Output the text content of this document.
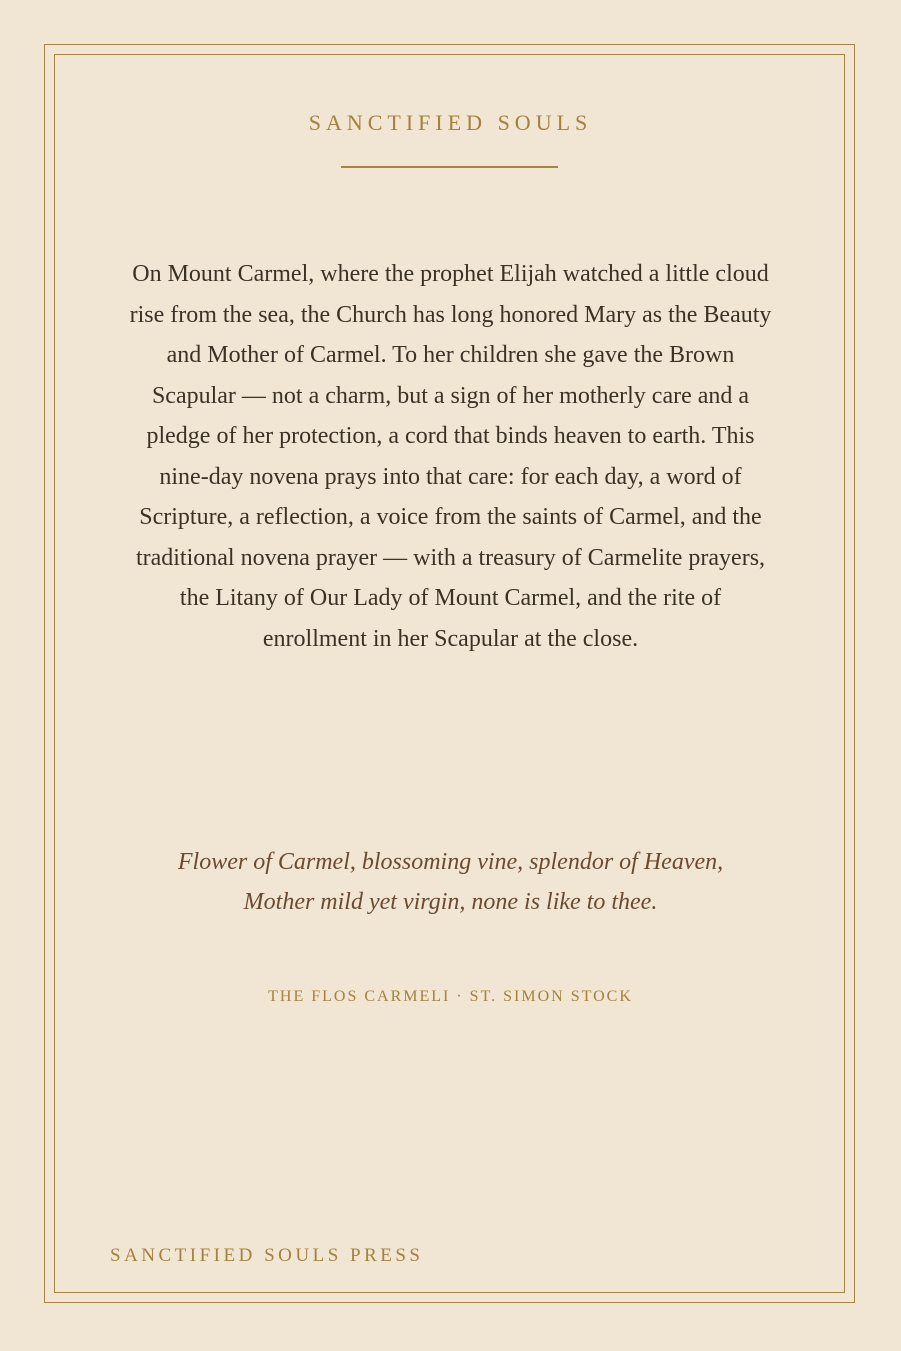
SANCTIFIED SOULS
On Mount Carmel, where the prophet Elijah watched a little cloud rise from the sea, the Church has long honored Mary as the Beauty and Mother of Carmel. To her children she gave the Brown Scapular — not a charm, but a sign of her motherly care and a pledge of her protection, a cord that binds heaven to earth. This nine-day novena prays into that care: for each day, a word of Scripture, a reflection, a voice from the saints of Carmel, and the traditional novena prayer — with a treasury of Carmelite prayers, the Litany of Our Lady of Mount Carmel, and the rite of enrollment in her Scapular at the close.
Flower of Carmel, blossoming vine, splendor of Heaven,
Mother mild yet virgin, none is like to thee.
THE FLOS CARMELI · ST. SIMON STOCK
SANCTIFIED SOULS PRESS
